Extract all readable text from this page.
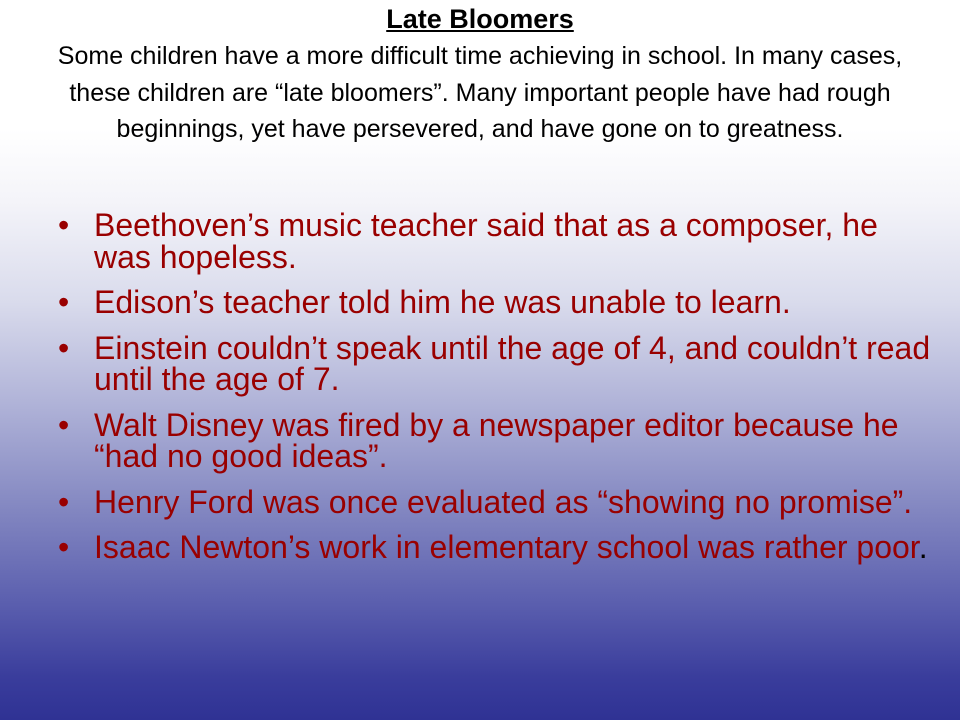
Late Bloomers
Some children have a more difficult time achieving in school. In many cases, these children are “late bloomers”. Many important people have had rough beginnings, yet have persevered, and have gone on to greatness.
• Beethoven’s music teacher said that as a composer, he was hopeless.
• Edison’s teacher told him he was unable to learn.
• Einstein couldn’t speak until the age of 4, and couldn’t read until the age of 7.
• Walt Disney was fired by a newspaper editor because he “had no good ideas”.
• Henry Ford was once evaluated as “showing no promise”.
• Isaac Newton’s work in elementary school was rather poor.
